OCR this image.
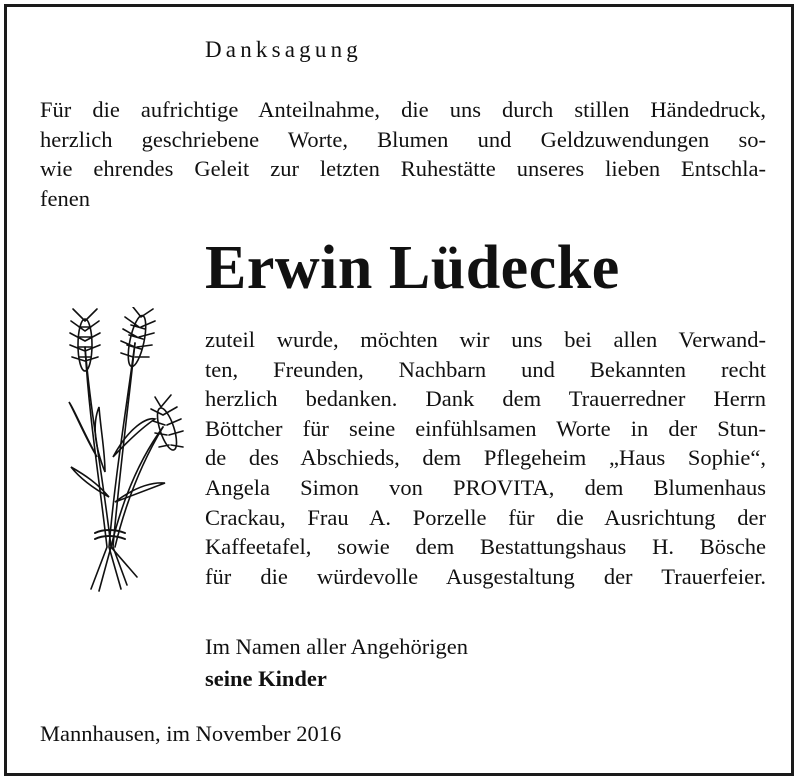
Danksagung
Für die aufrichtige Anteilnahme, die uns durch stillen Händedruck,
herzlich geschriebene Worte, Blumen und Geldzuwendungen so-
wie ehrendes Geleit zur letzten Ruhestätte unseres lieben Entschla-
fenen
Erwin Lüdecke
zuteil wurde, möchten wir uns bei allen Verwand-
ten, Freunden, Nachbarn und Bekannten recht
herzlich bedanken. Dank dem Trauerredner Herrn
Böttcher für seine einfühlsamen Worte in der Stun-
de des Abschieds, dem Pflegeheim „Haus Sophie“,
Angela Simon von PROVITA, dem Blumenhaus
Crackau, Frau A. Porzelle für die Ausrichtung der
Kaffeetafel, sowie dem Bestattungshaus H. Bösche
für die würdevolle Ausgestaltung der Trauerfeier.
Im Namen aller Angehörigen
seine Kinder
Mannhausen, im November 2016
